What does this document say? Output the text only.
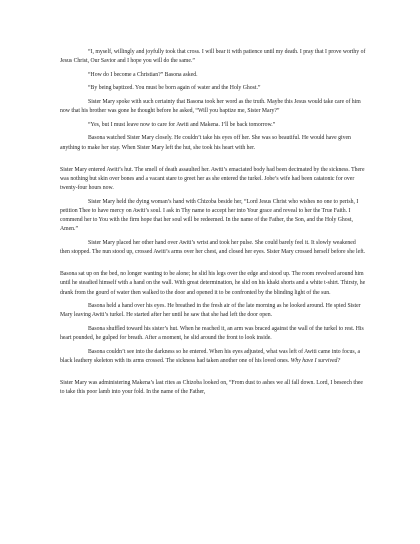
“I, myself, willingly and joyfully took that cross. I will bear it with patience until my death. I pray that I prove worthy of Jesus Christ, Our Savior and I hope you will do the same.”

“How do I become a Christian?” Basona asked.

“By being baptized. You must be born again of water and the Holy Ghost.”

Sister Mary spoke with such certainty that Basona took her word as the truth. Maybe this Jesus would take care of him now that his brother was gone he thought before he asked, “Will you baptize me, Sister Mary?”

“Yes, but I must leave now to care for Awiti and Makena. I’ll be back tomorrow.”

Basona watched Sister Mary closely. He couldn’t take his eyes off her. She was so beautiful. He would have given anything to make her stay. When Sister Mary left the hut, she took his heart with her.

Sister Mary entered Awiti’s hut. The smell of death assaulted her. Awiti’s emaciated body had been decimated by the sickness. There was nothing but skin over bones and a vacant stare to greet her as she entered the turkel. Jobe’s wife had been catatonic for over twenty-four hours now.

Sister Mary held the dying woman’s hand with Chizoba beside her, “Lord Jesus Christ who wishes no one to perish, I petition Thee to have mercy on Awiti’s soul. I ask in Thy name to accept her into Your grace and reveal to her the True Faith. I commend her to You with the firm hope that her soul will be redeemed. In the name of the Father, the Son, and the Holy Ghost, Amen.”

Sister Mary placed her other hand over Awiti’s wrist and took her pulse. She could barely feel it. It slowly weakened then stopped. The nun stood up, crossed Awiti’s arms over her chest, and closed her eyes. Sister Mary crossed herself before she left.

Basona sat up on the bed, no longer wanting to be alone; he slid his legs over the edge and stood up. The room revolved around him until he steadied himself with a hand on the wall. With great determination, he slid on his khaki shorts and a white t-shirt. Thirsty, he drank from the gourd of water then walked to the door and opened it to be confronted by the blinding light of the sun.

Basona held a hand over his eyes. He breathed in the fresh air of the late morning as he looked around. He spied Sister Mary leaving Awiti’s turkel. He started after her until he saw that she had left the door open.

Basona shuffled toward his sister’s hut. When he reached it, an arm was braced against the wall of the turkel to rest. His heart pounded, he gulped for breath. After a moment, he slid around the front to look inside.

Basona couldn’t see into the darkness so he entered. When his eyes adjusted, what was left of Awiti came into focus, a black leathery skeleton with its arms crossed. The sickness had taken another one of his loved ones. Why have I survived?

Sister Mary was administering Makena’s last rites as Chizoba looked on, “From dust to ashes we all fall down. Lord, I beseech thee to take this poor lamb into your fold. In the name of the Father,
